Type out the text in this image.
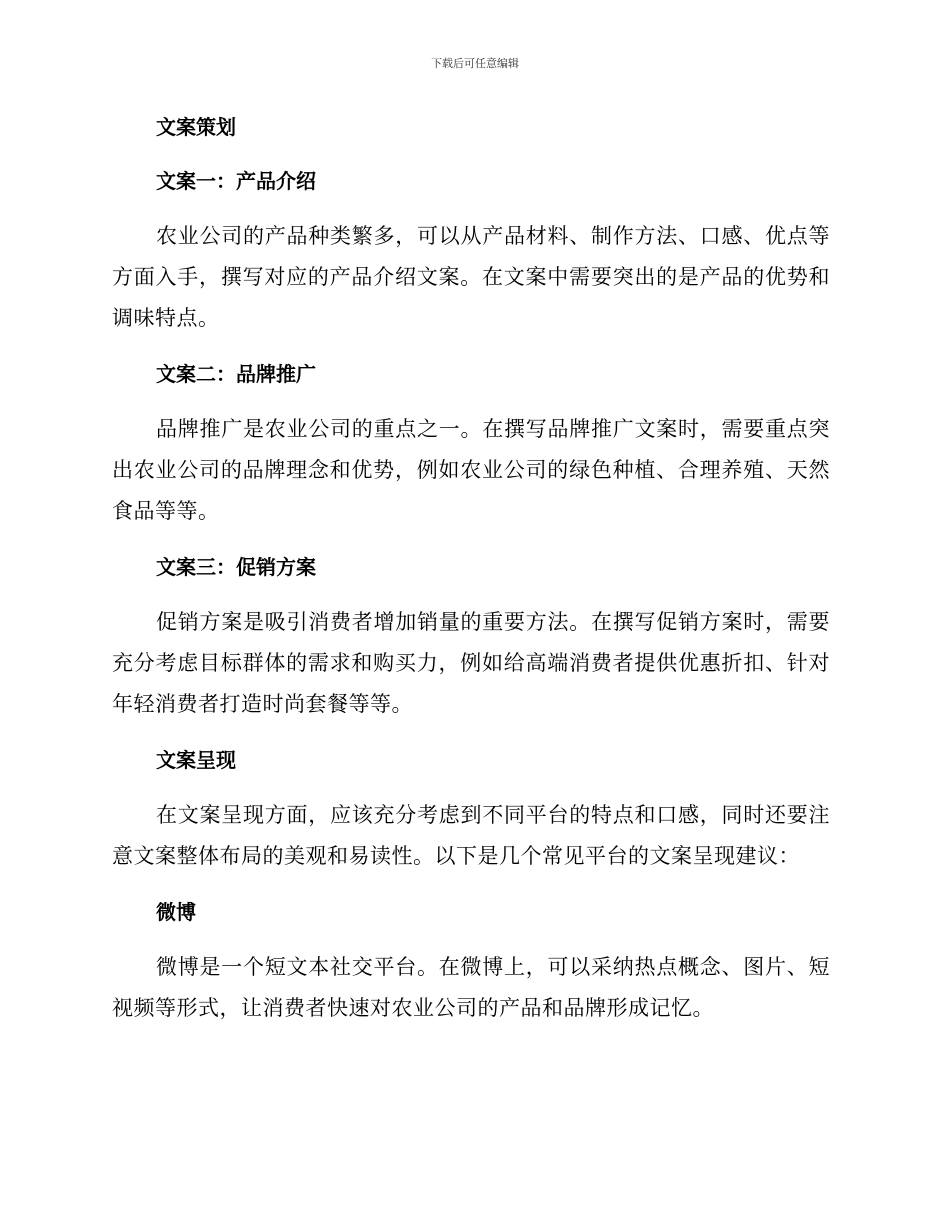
下载后可任意编辑
文案策划
文案一：产品介绍
农业公司的产品种类繁多，可以从产品材料、制作方法、口感、优点等方面入手，撰写对应的产品介绍文案。在文案中需要突出的是产品的优势和调味特点。
文案二：品牌推广
品牌推广是农业公司的重点之一。在撰写品牌推广文案时，需要重点突出农业公司的品牌理念和优势，例如农业公司的绿色种植、合理养殖、天然食品等等。
文案三：促销方案
促销方案是吸引消费者增加销量的重要方法。在撰写促销方案时，需要充分考虑目标群体的需求和购买力，例如给高端消费者提供优惠折扣、针对年轻消费者打造时尚套餐等等。
文案呈现
在文案呈现方面，应该充分考虑到不同平台的特点和口感，同时还要注意文案整体布局的美观和易读性。以下是几个常见平台的文案呈现建议：
微博
微博是一个短文本社交平台。在微博上，可以采纳热点概念、图片、短视频等形式，让消费者快速对农业公司的产品和品牌形成记忆。
